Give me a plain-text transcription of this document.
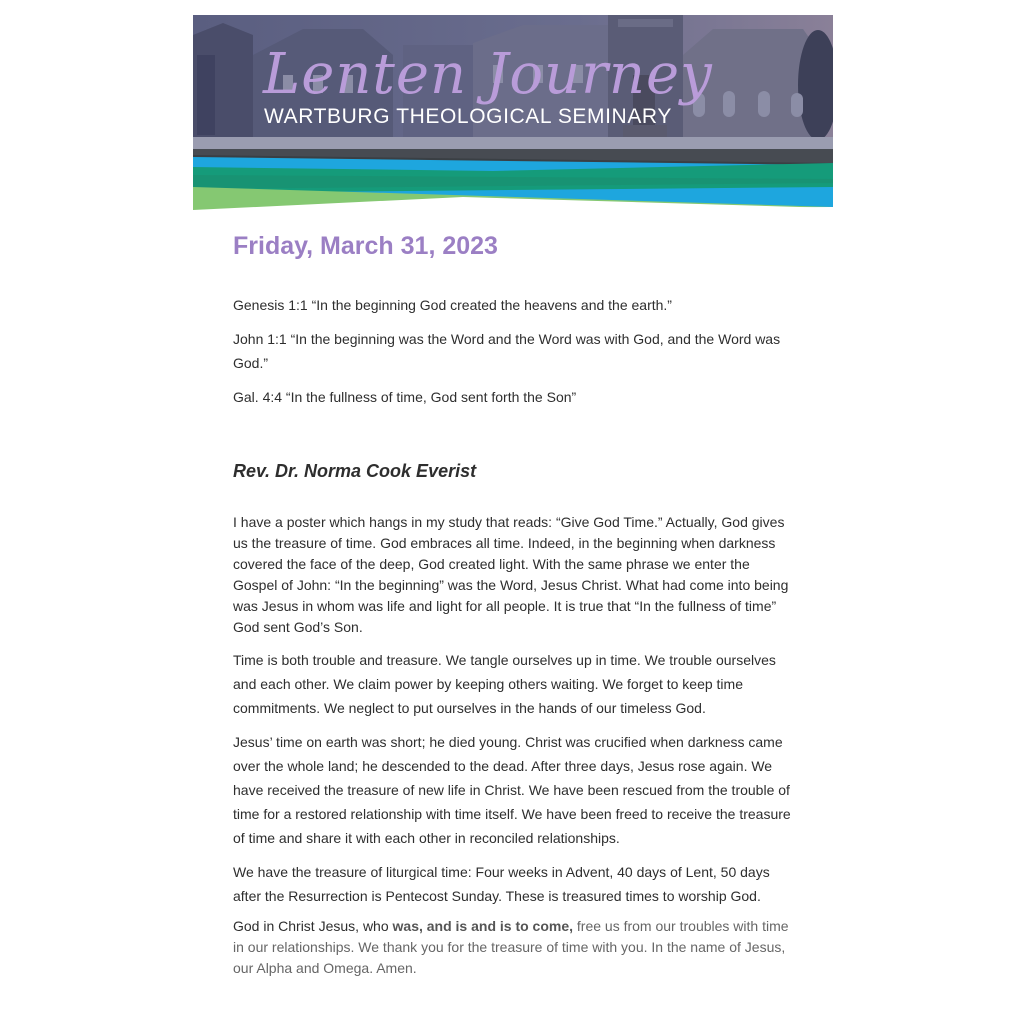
Lenten Journey
WARTBURG THEOLOGICAL SEMINARY
Friday, March 31, 2023

Genesis 1:1 “In the beginning God created the heavens and the earth.”

John 1:1 “In the beginning was the Word and the Word was with God, and the Word was God.”

Gal. 4:4 “In the fullness of time, God sent forth the Son”

Rev. Dr. Norma Cook Everist

I have a poster which hangs in my study that reads: “Give God Time.” Actually, God gives us the treasure of time. God embraces all time. Indeed, in the beginning when darkness covered the face of the deep, God created light. With the same phrase we enter the Gospel of John: “In the beginning” was the Word, Jesus Christ. What had come into being was Jesus in whom was life and light for all people. It is true that “In the fullness of time” God sent God’s Son.

Time is both trouble and treasure. We tangle ourselves up in time. We trouble ourselves and each other. We claim power by keeping others waiting. We forget to keep time commitments. We neglect to put ourselves in the hands of our timeless God.

Jesus’ time on earth was short; he died young. Christ was crucified when darkness came over the whole land; he descended to the dead. After three days, Jesus rose again. We have received the treasure of new life in Christ. We have been rescued from the trouble of time for a restored relationship with time itself. We have been freed to receive the treasure of time and share it with each other in reconciled relationships.

We have the treasure of liturgical time: Four weeks in Advent, 40 days of Lent, 50 days after the Resurrection is Pentecost Sunday. These is treasured times to worship God.

God in Christ Jesus, who was, and is and is to come, free us from our troubles with time in our relationships. We thank you for the treasure of time with you. In the name of Jesus, our Alpha and Omega. Amen.
